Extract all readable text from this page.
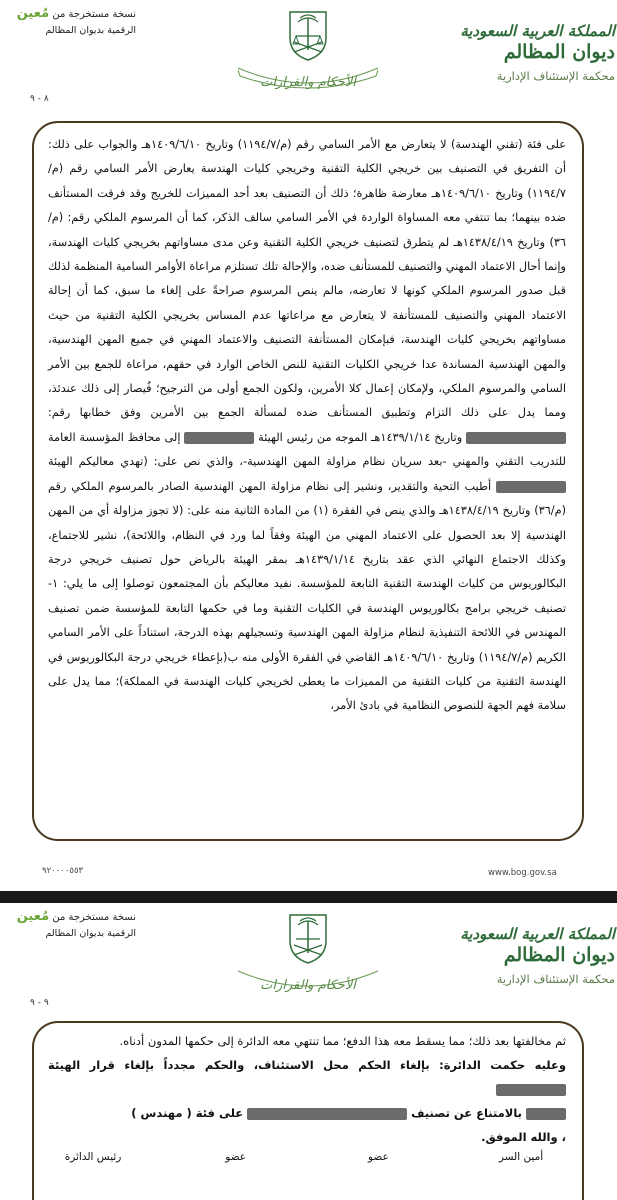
نسخة مستخرجة من مُعين
الرقمية بديوان المظالم
٨ - ٩
الأحكام والقرارات
المملكة العربية السعودية
ديوان المظالم
محكمة الإستئناف الإدارية
على فئة (تقني الهندسة) لا يتعارض مع الأمر السامي رقم (م/١١٩٤/٧) وتاريخ ١٤٠٩/٦/١٠هـ والجواب على ذلك: أن التفريق في التصنيف بين خريجي الكلية التقنية وخريجي كليات الهندسة يعارض الأمر السامي رقم (م/١١٩٤/٧) وتاريخ ١٤٠٩/٦/١٠هـ معارضة ظاهرة؛ ذلك أن التصنيف بعد أحد المميزات للخريج وقد فرقت المستأنف ضده بينهما؛ بما تنتفي معه المساواة الواردة في الأمر السامي سالف الذكر، كما أن المرسوم الملكي رقم: (م/٣٦) وتاريخ ١٤٣٨/٤/١٩هـ لم يتطرق لتصنيف خريجي الكلية التقنية وعن مدى مساواتهم بخريجي كليات الهندسة، وإنما أحال الاعتماد المهني والتصنيف للمستأنف ضده، والإحالة تلك تستلزم مراعاة الأوامر السامية المنظمة لذلك قبل صدور المرسوم الملكي كونها لا تعارضه، مالم ينص المرسوم صراحةً على إلغاء ما سبق، كما أن إحالة الاعتماد المهني والتصنيف للمستأنفة لا يتعارض مع مراعاتها عدم المساس بخريجي الكلية التقنية من حيث مساواتهم بخريجي كليات الهندسة، فبإمكان المستأنفة التصنيف والاعتماد المهني في جميع المهن الهندسية، والمهن الهندسية المساندة عدا خريجي الكليات التقنية للنص الخاص الوارد في حقهم، مراعاة للجمع بين الأمر السامي والمرسوم الملكي، ولإمكان إعمال كلا الأمرين، ولكون الجمع أولى من الترجيح؛ فُيصار إلى ذلك عندئذ، ومما يدل على ذلك التزام وتطبيق المستأنف ضده لمسألة الجمع بين الأمرين وفق خطابها رقم:  وتاريخ ١٤٣٩/١/١٤هـ الموجه من رئيس الهيئة  إلى محافظ المؤسسة العامة للتدريب التقني والمهني -بعد سريان نظام مزاولة المهن الهندسية-، والذي نص على: (تهدي معاليكم الهيئة  أطيب التحية والتقدير، ونشير إلى نظام مزاولة المهن الهندسية الصادر بالمرسوم الملكي رقم (م/٣٦) وتاريخ ١٤٣٨/٤/١٩هـ والذي ينص في الفقرة (١) من المادة الثانية منه على: (لا تجوز مزاولة أي من المهن الهندسية إلا بعد الحصول على الاعتماد المهني من الهيئة وفقاً لما ورد في النظام، واللائحة)، نشير للاجتماع، وكذلك الاجتماع النهائي الذي عقد بتاريخ ١٤٣٩/١/١٤هـ بمقر الهيئة بالرياض حول تصنيف خريجي درجة البكالوريوس من كليات الهندسة التقنية التابعة للمؤسسة. نفيد معاليكم بأن المجتمعون توصلوا إلى ما يلي: ١- تصنيف خريجي برامج بكالوريوس الهندسة في الكليات التقنية وما في حكمها التابعة للمؤسسة ضمن تصنيف المهندس في اللائحة التنفيذية لنظام مزاولة المهن الهندسية وتسجيلهم بهذه الدرجة، استناداً على الأمر السامي الكريم (م/١١٩٤/٧) وتاريخ ١٤٠٩/٦/١٠هـ القاضي في الفقرة الأولى منه ب(بإعطاء خريجي درجة البكالوريوس في الهندسة التقنية من كليات التقنية من المميزات ما يعطى لخريجي كليات الهندسة في المملكة)؛ مما يدل على سلامة فهم الجهة للنصوص النظامية في بادئ الأمر،
٩٢٠٠٠٠٥٥٣	www.bog.gov.sa
نسخة مستخرجة من مُعين
الرقمية بديوان المظالم
٩ - ٩
الأحكام والقرارات
المملكة العربية السعودية
ديوان المظالم
محكمة الإستئناف الإدارية
ثم مخالفتها بعد ذلك؛ مما يسقط معه هذا الدفع؛ مما تنتهي معه الدائرة إلى حكمها المدون أدناه.
وعليه حكمت الدائرة: بإلغاء الحكم محل الاستئناف، والحكم مجدداً بإلغاء قرار الهيئة
بالامتناع عن تصنيف  على فئة ( مهندس )
، والله الموفق.
أمين السر
عضو
عضو
رئيس الدائرة
